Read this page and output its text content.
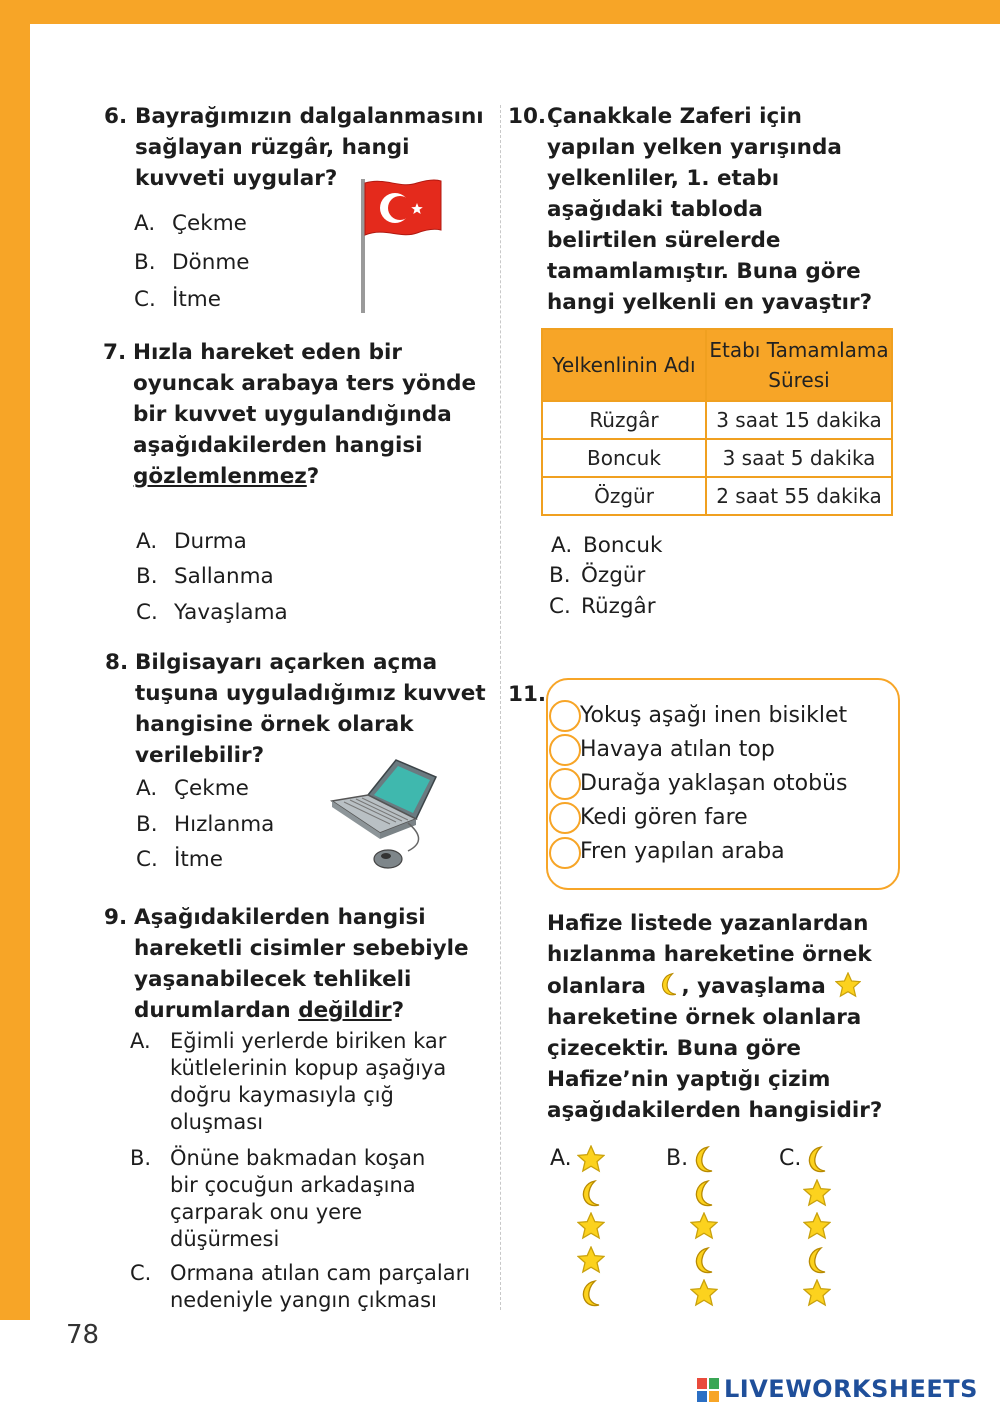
6. Bayrağımızın dalgalanmasını
sağlayan rüzgâr, hangi
kuvveti uygular?
A. Çekme
B. Dönme
C. İtme
7. Hızla hareket eden bir
oyuncak arabaya ters yönde
bir kuvvet uygulandığında
aşağıdakilerden hangisi
gözlemlenmez?
A. Durma
B. Sallanma
C. Yavaşlama
8. Bilgisayarı açarken açma
tuşuna uyguladığımız kuvvet
hangisine örnek olarak
verilebilir?
A. Çekme
B. Hızlanma
C. İtme
9. Aşağıdakilerden hangisi
hareketli cisimler sebebiyle
yaşanabilecek tehlikeli
durumlardan değildir?
A. Eğimli yerlerde biriken kar
kütlelerinin kopup aşağıya
doğru kaymasıyla çığ
oluşması
B. Önüne bakmadan koşan
bir çocuğun arkadaşına
çarparak onu yere
düşürmesi
C. Ormana atılan cam parçaları
nedeniyle yangın çıkması
10. Çanakkale Zaferi için
yapılan yelken yarışında
yelkenliler, 1. etabı
aşağıdaki tabloda
belirtilen sürelerde
tamamlamıştır. Buna göre
hangi yelkenli en yavaştır?
Yelkenlinin Adı	Etabı Tamamlama Süresi
Rüzgâr	3 saat 15 dakika
Boncuk	3 saat 5 dakika
Özgür	2 saat 55 dakika
A. Boncuk
B. Özgür
C. Rüzgâr
11.
Yokuş aşağı inen bisiklet
Havaya atılan top
Durağa yaklaşan otobüs
Kedi gören fare
Fren yapılan araba
Hafize listede yazanlardan
hızlanma hareketine örnek
olanlara , yavaşlama
hareketine örnek olanlara
çizecektir. Buna göre
Hafize’nin yaptığı çizim
aşağıdakilerden hangisidir?
A.	B.	C.
78
LIVEWORKSHEETS
